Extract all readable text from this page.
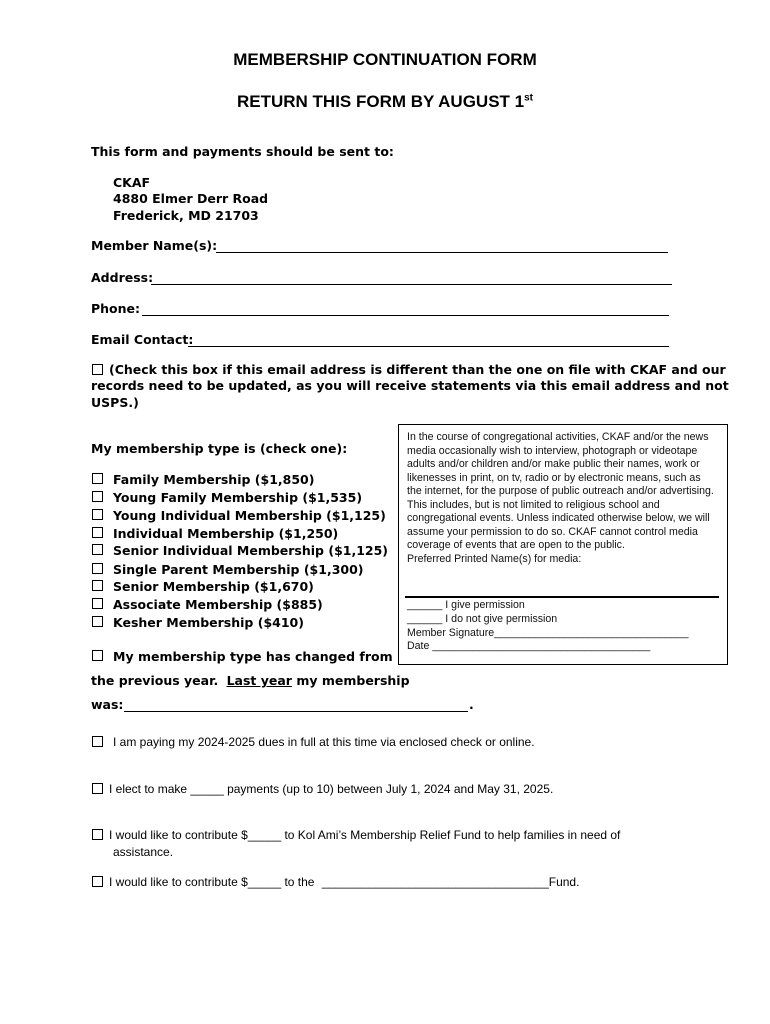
MEMBERSHIP CONTINUATION FORM
RETURN THIS FORM BY AUGUST 1st
This form and payments should be sent to:
CKAF
4880 Elmer Derr Road
Frederick, MD 21703
Member Name(s):
Address:
Phone:
Email Contact:
(Check this box if this email address is different than the one on file with CKAF and our
records need to be updated, as you will receive statements via this email address and not
USPS.)
My membership type is (check one):
Family Membership ($1,850)
Young Family Membership ($1,535)
Young Individual Membership ($1,125)
Individual Membership ($1,250)
Senior Individual Membership ($1,125)
Single Parent Membership ($1,300)
Senior Membership ($1,670)
Associate Membership ($885)
Kesher Membership ($410)
My membership type has changed from
the previous year. Last year my membership
was:	.
In the course of congregational activities, CKAF and/or the news media occasionally wish to interview, photograph or videotape adults and/or children and/or make public their names, work or likenesses in print, on tv, radio or by electronic means, such as the internet, for the purpose of public outreach and/or advertising. This includes, but is not limited to religious school and congregational events. Unless indicated otherwise below, we will assume your permission to do so. CKAF cannot control media coverage of events that are open to the public.
Preferred Printed Name(s) for media:
______ I give permission
______ I do not give permission
Member Signature_________________________________
Date _____________________________________
I am paying my 2024-2025 dues in full at this time via enclosed check or online.
I elect to make _____ payments (up to 10) between July 1, 2024 and May 31, 2025.
I would like to contribute $_____ to Kol Ami’s Membership Relief Fund to help families in need of
assistance.
I would like to contribute $_____ to the __________________________________Fund.
